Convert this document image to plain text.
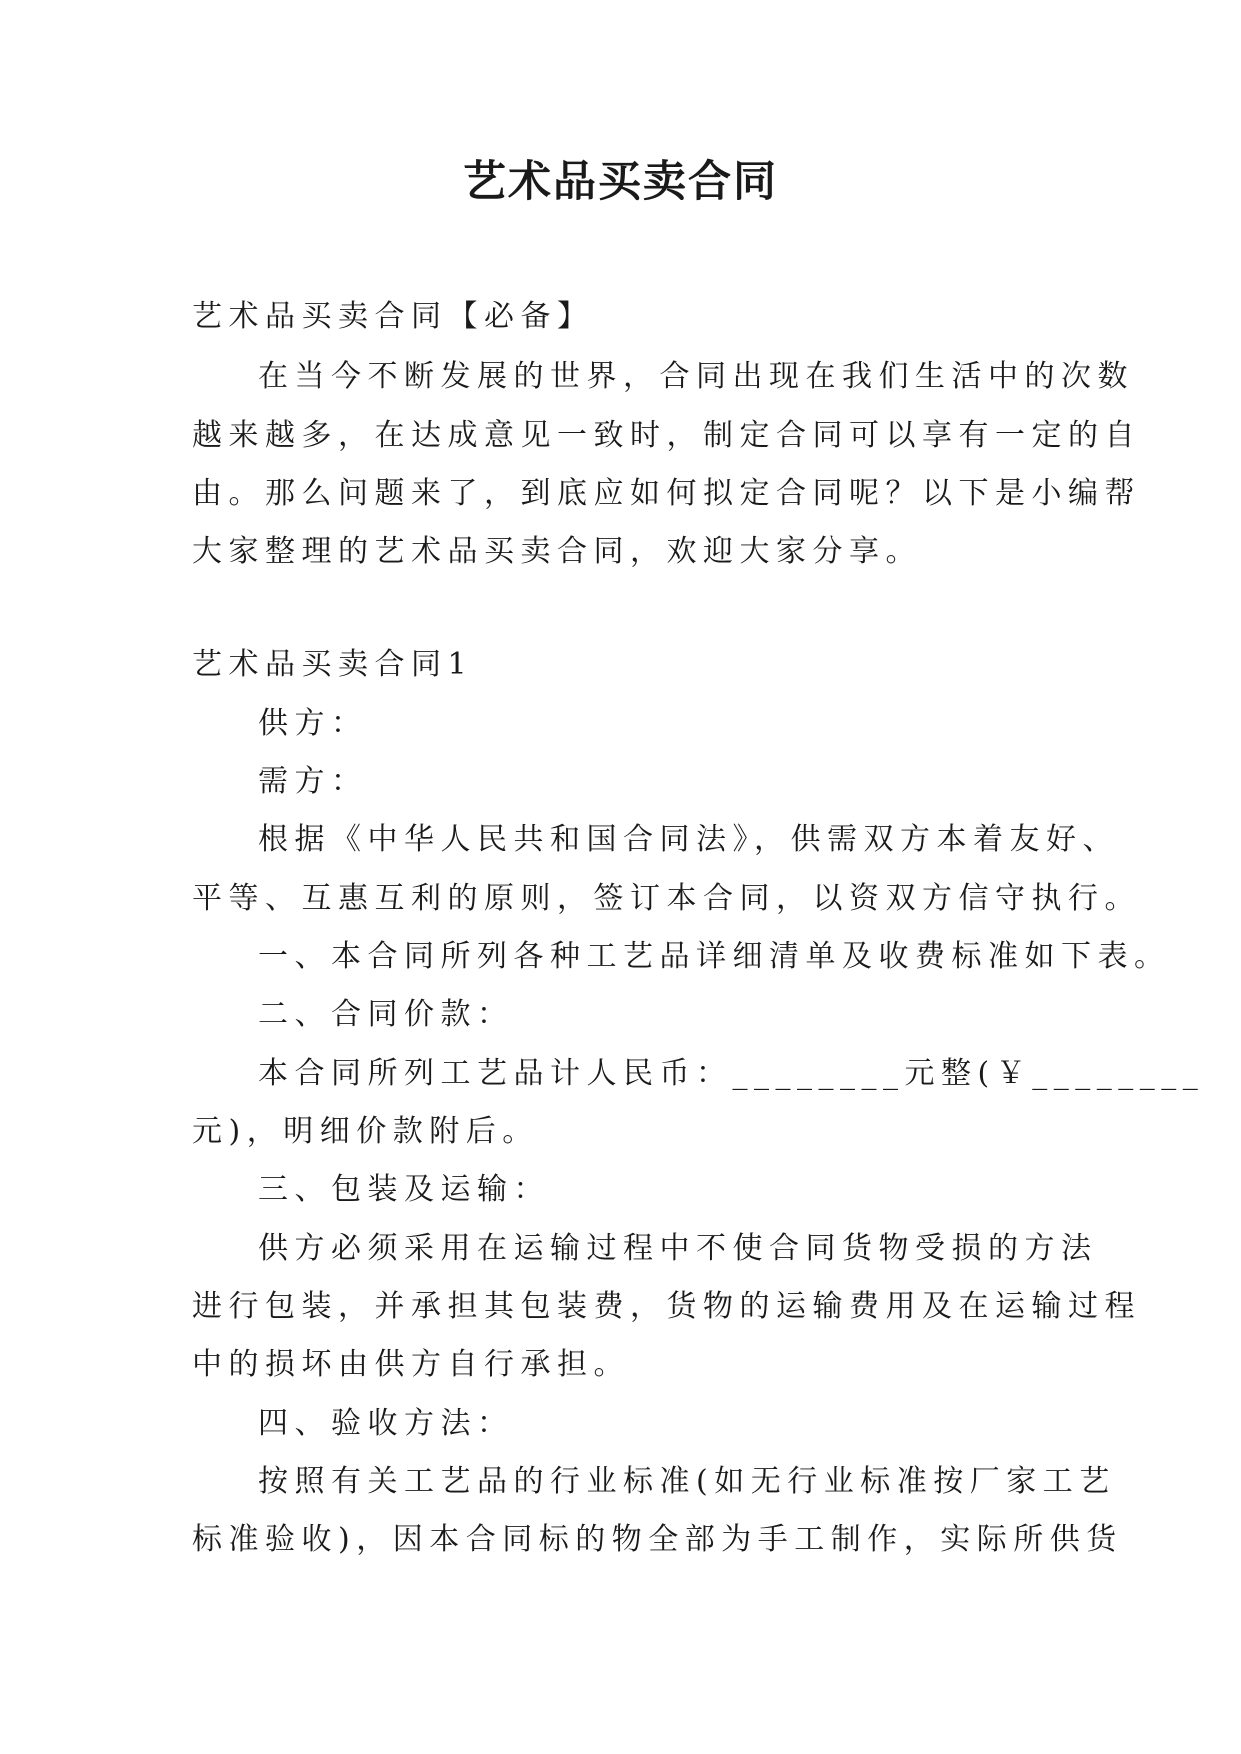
艺术品买卖合同
艺术品买卖合同【必备】
在当今不断发展的世界，合同出现在我们生活中的次数
越来越多，在达成意见一致时，制定合同可以享有一定的自
由。那么问题来了，到底应如何拟定合同呢？以下是小编帮
大家整理的艺术品买卖合同，欢迎大家分享。
艺术品买卖合同1
供方：
需方：
根据《中华人民共和国合同法》，供需双方本着友好、
平等、互惠互利的原则，签订本合同，以资双方信守执行。
一、本合同所列各种工艺品详细清单及收费标准如下表。
二、合同价款：
本合同所列工艺品计人民币：________元整(￥________
元)，明细价款附后。
三、包装及运输：
供方必须采用在运输过程中不使合同货物受损的方法
进行包装，并承担其包装费，货物的运输费用及在运输过程
中的损坏由供方自行承担。
四、验收方法：
按照有关工艺品的行业标准(如无行业标准按厂家工艺
标准验收)，因本合同标的物全部为手工制作，实际所供货
